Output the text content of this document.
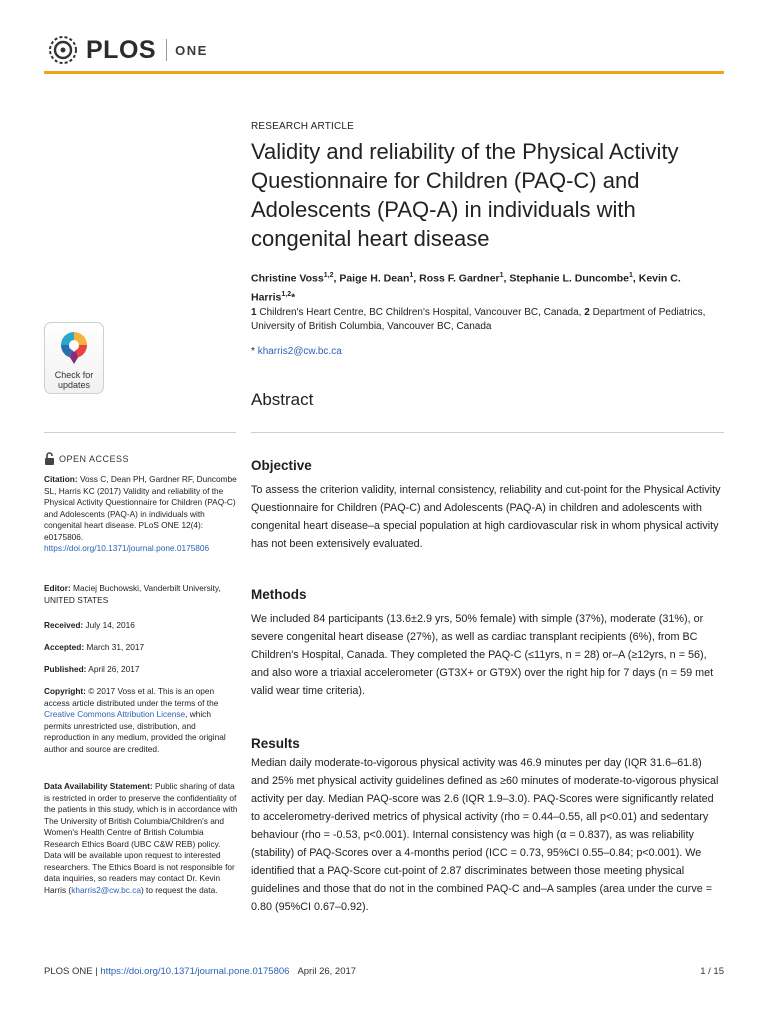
PLOS ONE
RESEARCH ARTICLE
Validity and reliability of the Physical Activity Questionnaire for Children (PAQ-C) and Adolescents (PAQ-A) in individuals with congenital heart disease
Christine Voss$^{1,2}$, Paige H. Dean$^1$, Ross F. Gardner$^1$, Stephanie L. Duncombe$^1$, Kevin C. Harris$^{1,2}$*
1 Children's Heart Centre, BC Children's Hospital, Vancouver BC, Canada, 2 Department of Pediatrics, University of British Columbia, Vancouver BC, Canada
* kharris2@cw.bc.ca
Check for
updates
Abstract
OPEN ACCESS
Citation: Voss C, Dean PH, Gardner RF, Duncombe SL, Harris KC (2017) Validity and reliability of the Physical Activity Questionnaire for Children (PAQ-C) and Adolescents (PAQ-A) in individuals with congenital heart disease. PLoS ONE 12(4): e0175806. https://doi.org/10.1371/journal.pone.0175806
Editor: Maciej Buchowski, Vanderbilt University, UNITED STATES
Received: July 14, 2016
Accepted: March 31, 2017
Published: April 26, 2017
Copyright: © 2017 Voss et al. This is an open access article distributed under the terms of the Creative Commons Attribution License, which permits unrestricted use, distribution, and reproduction in any medium, provided the original author and source are credited.
Data Availability Statement: Public sharing of data is restricted in order to preserve the confidentiality of the patients in this study, which is in accordance with The University of British Columbia/Children's and Women's Health Centre of British Columbia Research Ethics Board (UBC C&W REB) policy. Data will be available upon request to interested researchers. The Ethics Board is not responsible for data inquiries, so readers may contact Dr. Kevin Harris (kharris2@cw.bc.ca) to request the data.
Objective

To assess the criterion validity, internal consistency, reliability and cut-point for the Physical Activity Questionnaire for Children (PAQ-C) and Adolescents (PAQ-A) in children and adolescents with congenital heart disease–a special population at high cardiovascular risk in whom physical activity has not been extensively evaluated.

Methods

We included 84 participants (13.6±2.9 yrs, 50% female) with simple (37%), moderate (31%), or severe congenital heart disease (27%), as well as cardiac transplant recipients (6%), from BC Children's Hospital, Canada. They completed the PAQ-C (≤11yrs, n = 28) or–A (≥12yrs, n = 56), and also wore a triaxial accelerometer (GT3X+ or GT9X) over the right hip for 7 days (n = 59 met valid wear time criteria).

Results

Median daily moderate-to-vigorous physical activity was 46.9 minutes per day (IQR 31.6–61.8) and 25% met physical activity guidelines defined as ≥60 minutes of moderate-to-vigorous physical activity per day. Median PAQ-score was 2.6 (IQR 1.9–3.0). PAQ-Scores were significantly related to accelerometry-derived metrics of physical activity (rho = 0.44–0.55, all p<0.01) and sedentary behaviour (rho = -0.53, p<0.001). Internal consistency was high (α = 0.837), as was reliability (stability) of PAQ-Scores over a 4-months period (ICC = 0.73, 95%CI 0.55–0.84; p<0.001). We identified that a PAQ-Score cut-point of 2.87 discriminates between those meeting physical guidelines and those that do not in the combined PAQ-C and–A samples (area under the curve = 0.80 (95%CI 0.67–0.92).

PLOS ONE | https://doi.org/10.1371/journal.pone.0175806 April 26, 2017	1 / 15
